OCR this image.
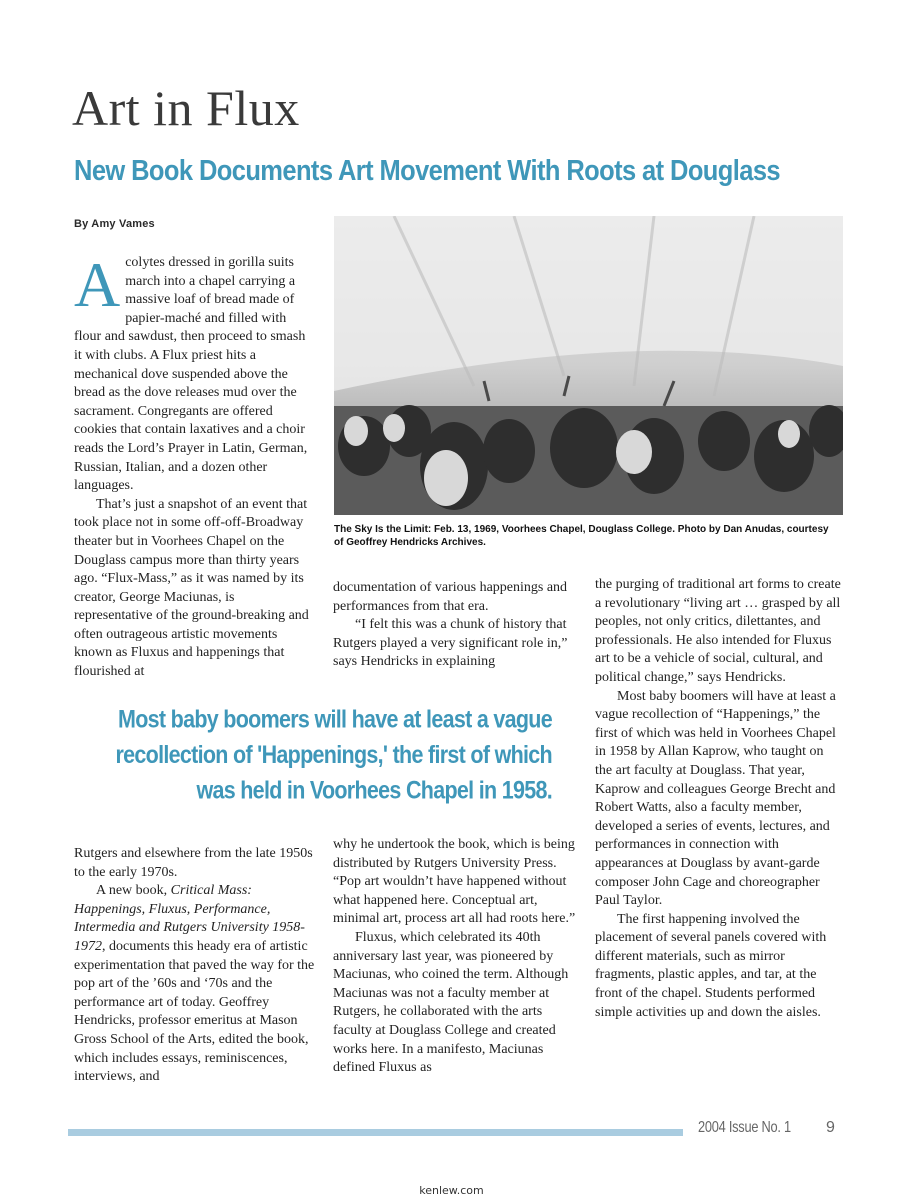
Art in Flux
New Book Documents Art Movement With Roots at Douglass
By Amy Vames

Acolytes dressed in gorilla suits march into a chapel carrying a massive loaf of bread made of papier-maché and filled with flour and sawdust, then proceed to smash it with clubs. A Flux priest hits a mechanical dove suspended above the bread as the dove releases mud over the sacrament. Congregants are offered cookies that contain laxatives and a choir reads the Lord’s Prayer in Latin, German, Russian, Italian, and a dozen other languages.

That’s just a snapshot of an event that took place not in some off-off-Broadway theater but in Voorhees Chapel on the Douglass campus more than thirty years ago. “Flux-Mass,” as it was named by its creator, George Maciunas, is representative of the ground-breaking and often outrageous artistic movements known as Fluxus and happenings that flourished at

The Sky Is the Limit: Feb. 13, 1969, Voorhees Chapel, Douglass College. Photo by Dan Anudas, courtesy of Geoffrey Hendricks Archives.

documentation of various happenings and performances from that era.

“I felt this was a chunk of history that Rutgers played a very significant role in,” says Hendricks in explaining

the purging of traditional art forms to create a revolutionary “living art … grasped by all peoples, not only critics, dilettantes, and professionals. He also intended for Fluxus art to be a vehicle of social, cultural, and political change,” says Hendricks.

Most baby boomers will have at least a vague recollection of “Happenings,” the first of which was held in Voorhees Chapel in 1958 by Allan Kaprow, who taught on the art faculty at Douglass. That year, Kaprow and colleagues George Brecht and Robert Watts, also a faculty member, developed a series of events, lectures, and performances in connection with appearances at Douglass by avant-garde composer John Cage and choreographer Paul Taylor.

The first happening involved the placement of several panels covered with different materials, such as mirror fragments, plastic apples, and tar, at the front of the chapel. Students performed simple activities up and down the aisles.

Most baby boomers will have at least a vague recollection of 'Happenings,' the first of which was held in Voorhees Chapel in 1958.

Rutgers and elsewhere from the late 1950s to the early 1970s.

A new book, Critical Mass: Happenings, Fluxus, Performance, Intermedia and Rutgers University 1958-1972, documents this heady era of artistic experimentation that paved the way for the pop art of the ’60s and ‘70s and the performance art of today. Geoffrey Hendricks, professor emeritus at Mason Gross School of the Arts, edited the book, which includes essays, reminiscences, interviews, and

why he undertook the book, which is being distributed by Rutgers University Press. “Pop art wouldn’t have happened without what happened here. Conceptual art, minimal art, process art all had roots here.”

Fluxus, which celebrated its 40th anniversary last year, was pioneered by Maciunas, who coined the term. Although Maciunas was not a faculty member at Rutgers, he collaborated with the arts faculty at Douglass College and created works here. In a manifesto, Maciunas defined Fluxus as

2004 Issue No. 1 9
kenlew.com
